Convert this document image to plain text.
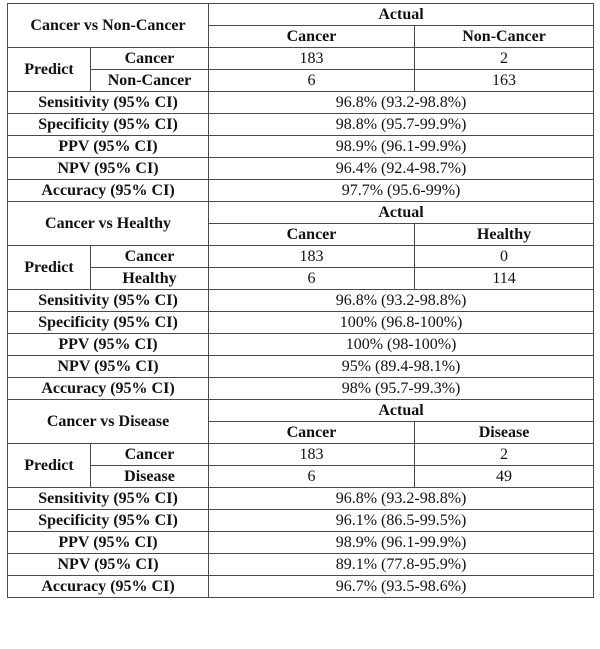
Cancer vs Non-Cancer		Actual	
		Cancer	Non-Cancer
Predict	Cancer	183	2
	Non-Cancer	6	163
Sensitivity (95% CI)		96.8% (93.2-98.8%)	
Specificity (95% CI)		98.8% (95.7-99.9%)	
PPV (95% CI)		98.9% (96.1-99.9%)	
NPV (95% CI)		96.4% (92.4-98.7%)	
Accuracy (95% CI)		97.7% (95.6-99%)	
Cancer vs Healthy		Actual	
		Cancer	Healthy
Predict	Cancer	183	0
	Healthy	6	114
Sensitivity (95% CI)		96.8% (93.2-98.8%)	
Specificity (95% CI)		100% (96.8-100%)	
PPV (95% CI)		100% (98-100%)	
NPV (95% CI)		95% (89.4-98.1%)	
Accuracy (95% CI)		98% (95.7-99.3%)	
Cancer vs Disease		Actual	
		Cancer	Disease
Predict	Cancer	183	2
	Disease	6	49
Sensitivity (95% CI)		96.8% (93.2-98.8%)	
Specificity (95% CI)		96.1% (86.5-99.5%)	
PPV (95% CI)		98.9% (96.1-99.9%)	
NPV (95% CI)		89.1% (77.8-95.9%)	
Accuracy (95% CI)		96.7% (93.5-98.6%)	
